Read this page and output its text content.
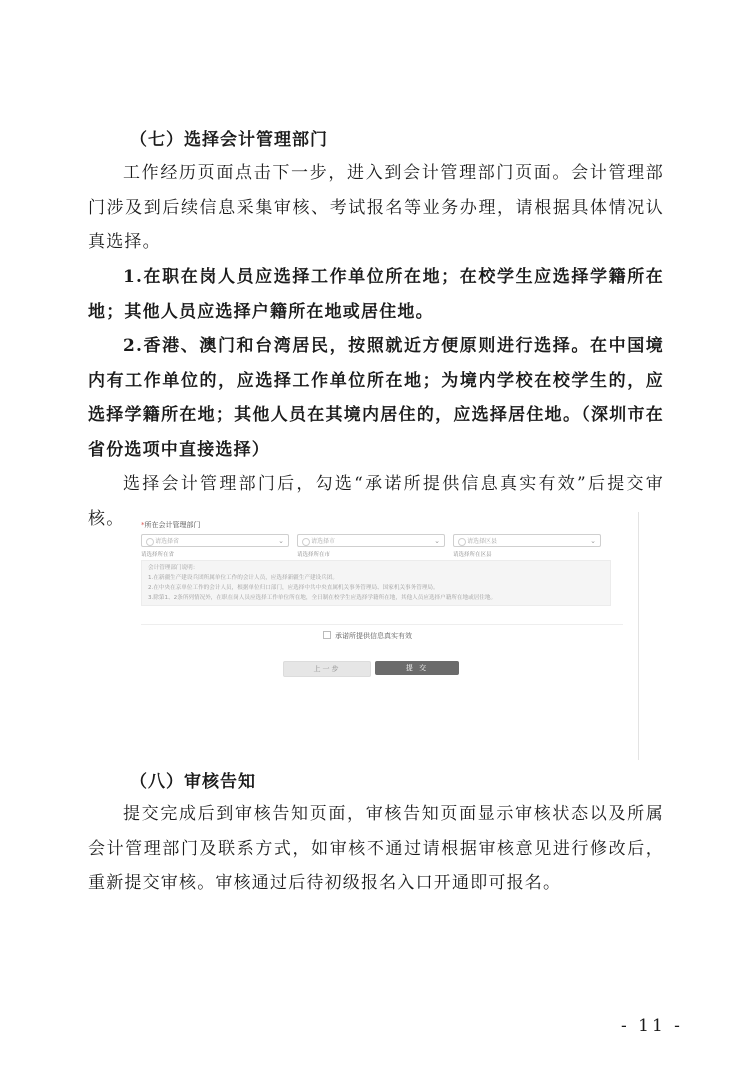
（七）选择会计管理部门
工作经历页面点击下一步，进入到会计管理部门页面。会计管理部门涉及到后续信息采集审核、考试报名等业务办理，请根据具体情况认真选择。
1.在职在岗人员应选择工作单位所在地；在校学生应选择学籍所在地；其他人员应选择户籍所在地或居住地。
2.香港、澳门和台湾居民，按照就近方便原则进行选择。在中国境内有工作单位的，应选择工作单位所在地；为境内学校在校学生的，应选择学籍所在地；其他人员在其境内居住的，应选择居住地。（深圳市在省份选项中直接选择）
选择会计管理部门后，勾选“承诺所提供信息真实有效”后提交审核。	*所在会计管理部门
请选择省	⌄	请选择市	⌄	请选择区县	⌄
请选择所在省	请选择所在市	请选择所在区县
会计管理部门说明：
1.在新疆生产建设兵团所属单位工作的会计人员，应选择新疆生产建设兵团。
2.在中央在京单位工作的会计人员，根据单位归口部门，应选择中共中央直属机关事务管理局、国家机关事务管理局。
3.除第1、2条所列情况外，在职在岗人员应选择工作单位所在地，全日制在校学生应选择学籍所在地，其他人员应选择户籍所在地或居住地。
承诺所提供信息真实有效
上一步	提 交
（八）审核告知
提交完成后到审核告知页面，审核告知页面显示审核状态以及所属会计管理部门及联系方式，如审核不通过请根据审核意见进行修改后，重新提交审核。审核通过后待初级报名入口开通即可报名。
- 11 -
